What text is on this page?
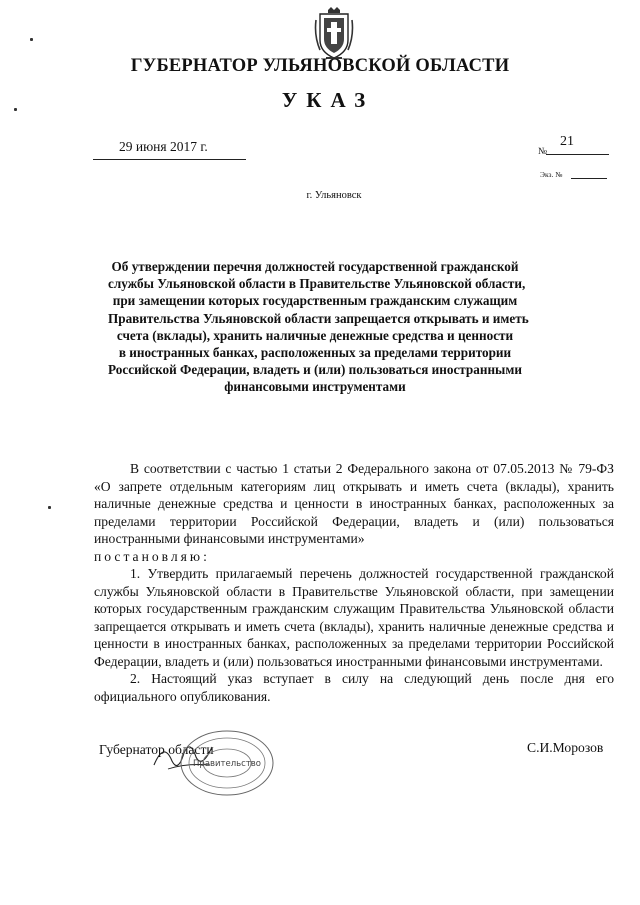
ГУБЕРНАТОР УЛЬЯНОВСКОЙ ОБЛАСТИ
УКАЗ
29 июня 2017 г.	№
21
Экз. №
г. Ульяновск
Об утверждении перечня должностей государственной гражданской
службы Ульяновской области в Правительстве Ульяновской области,
при замещении которых государственным гражданским служащим
Правительства Ульяновской области запрещается открывать и иметь
счета (вклады), хранить наличные денежные средства и ценности
в иностранных банках, расположенных за пределами территории
Российской Федерации, владеть и (или) пользоваться иностранными
финансовыми инструментами

В соответствии с частью 1 статьи 2 Федерального закона от 07.05.2013 № 79-ФЗ «О запрете отдельным категориям лиц открывать и иметь счета (вклады), хранить наличные денежные средства и ценности в иностранных банках, расположенных за пределами территории Российской Федерации, владеть и (или) пользоваться иностранными финансовыми инструментами»

постановляю:

1. Утвердить прилагаемый перечень должностей государственной гражданской службы Ульяновской области в Правительстве Ульяновской области, при замещении которых государственным гражданским служащим Правительства Ульяновской области запрещается открывать и иметь счета (вклады), хранить наличные денежные средства и ценности в иностранных банках, расположенных за пределами территории Российской Федерации, владеть и (или) пользоваться иностранными финансовыми инструментами.

2. Настоящий указ вступает в силу на следующий день после дня его официального опубликования.

Губернатор области	С.И.Морозов
Правительство
